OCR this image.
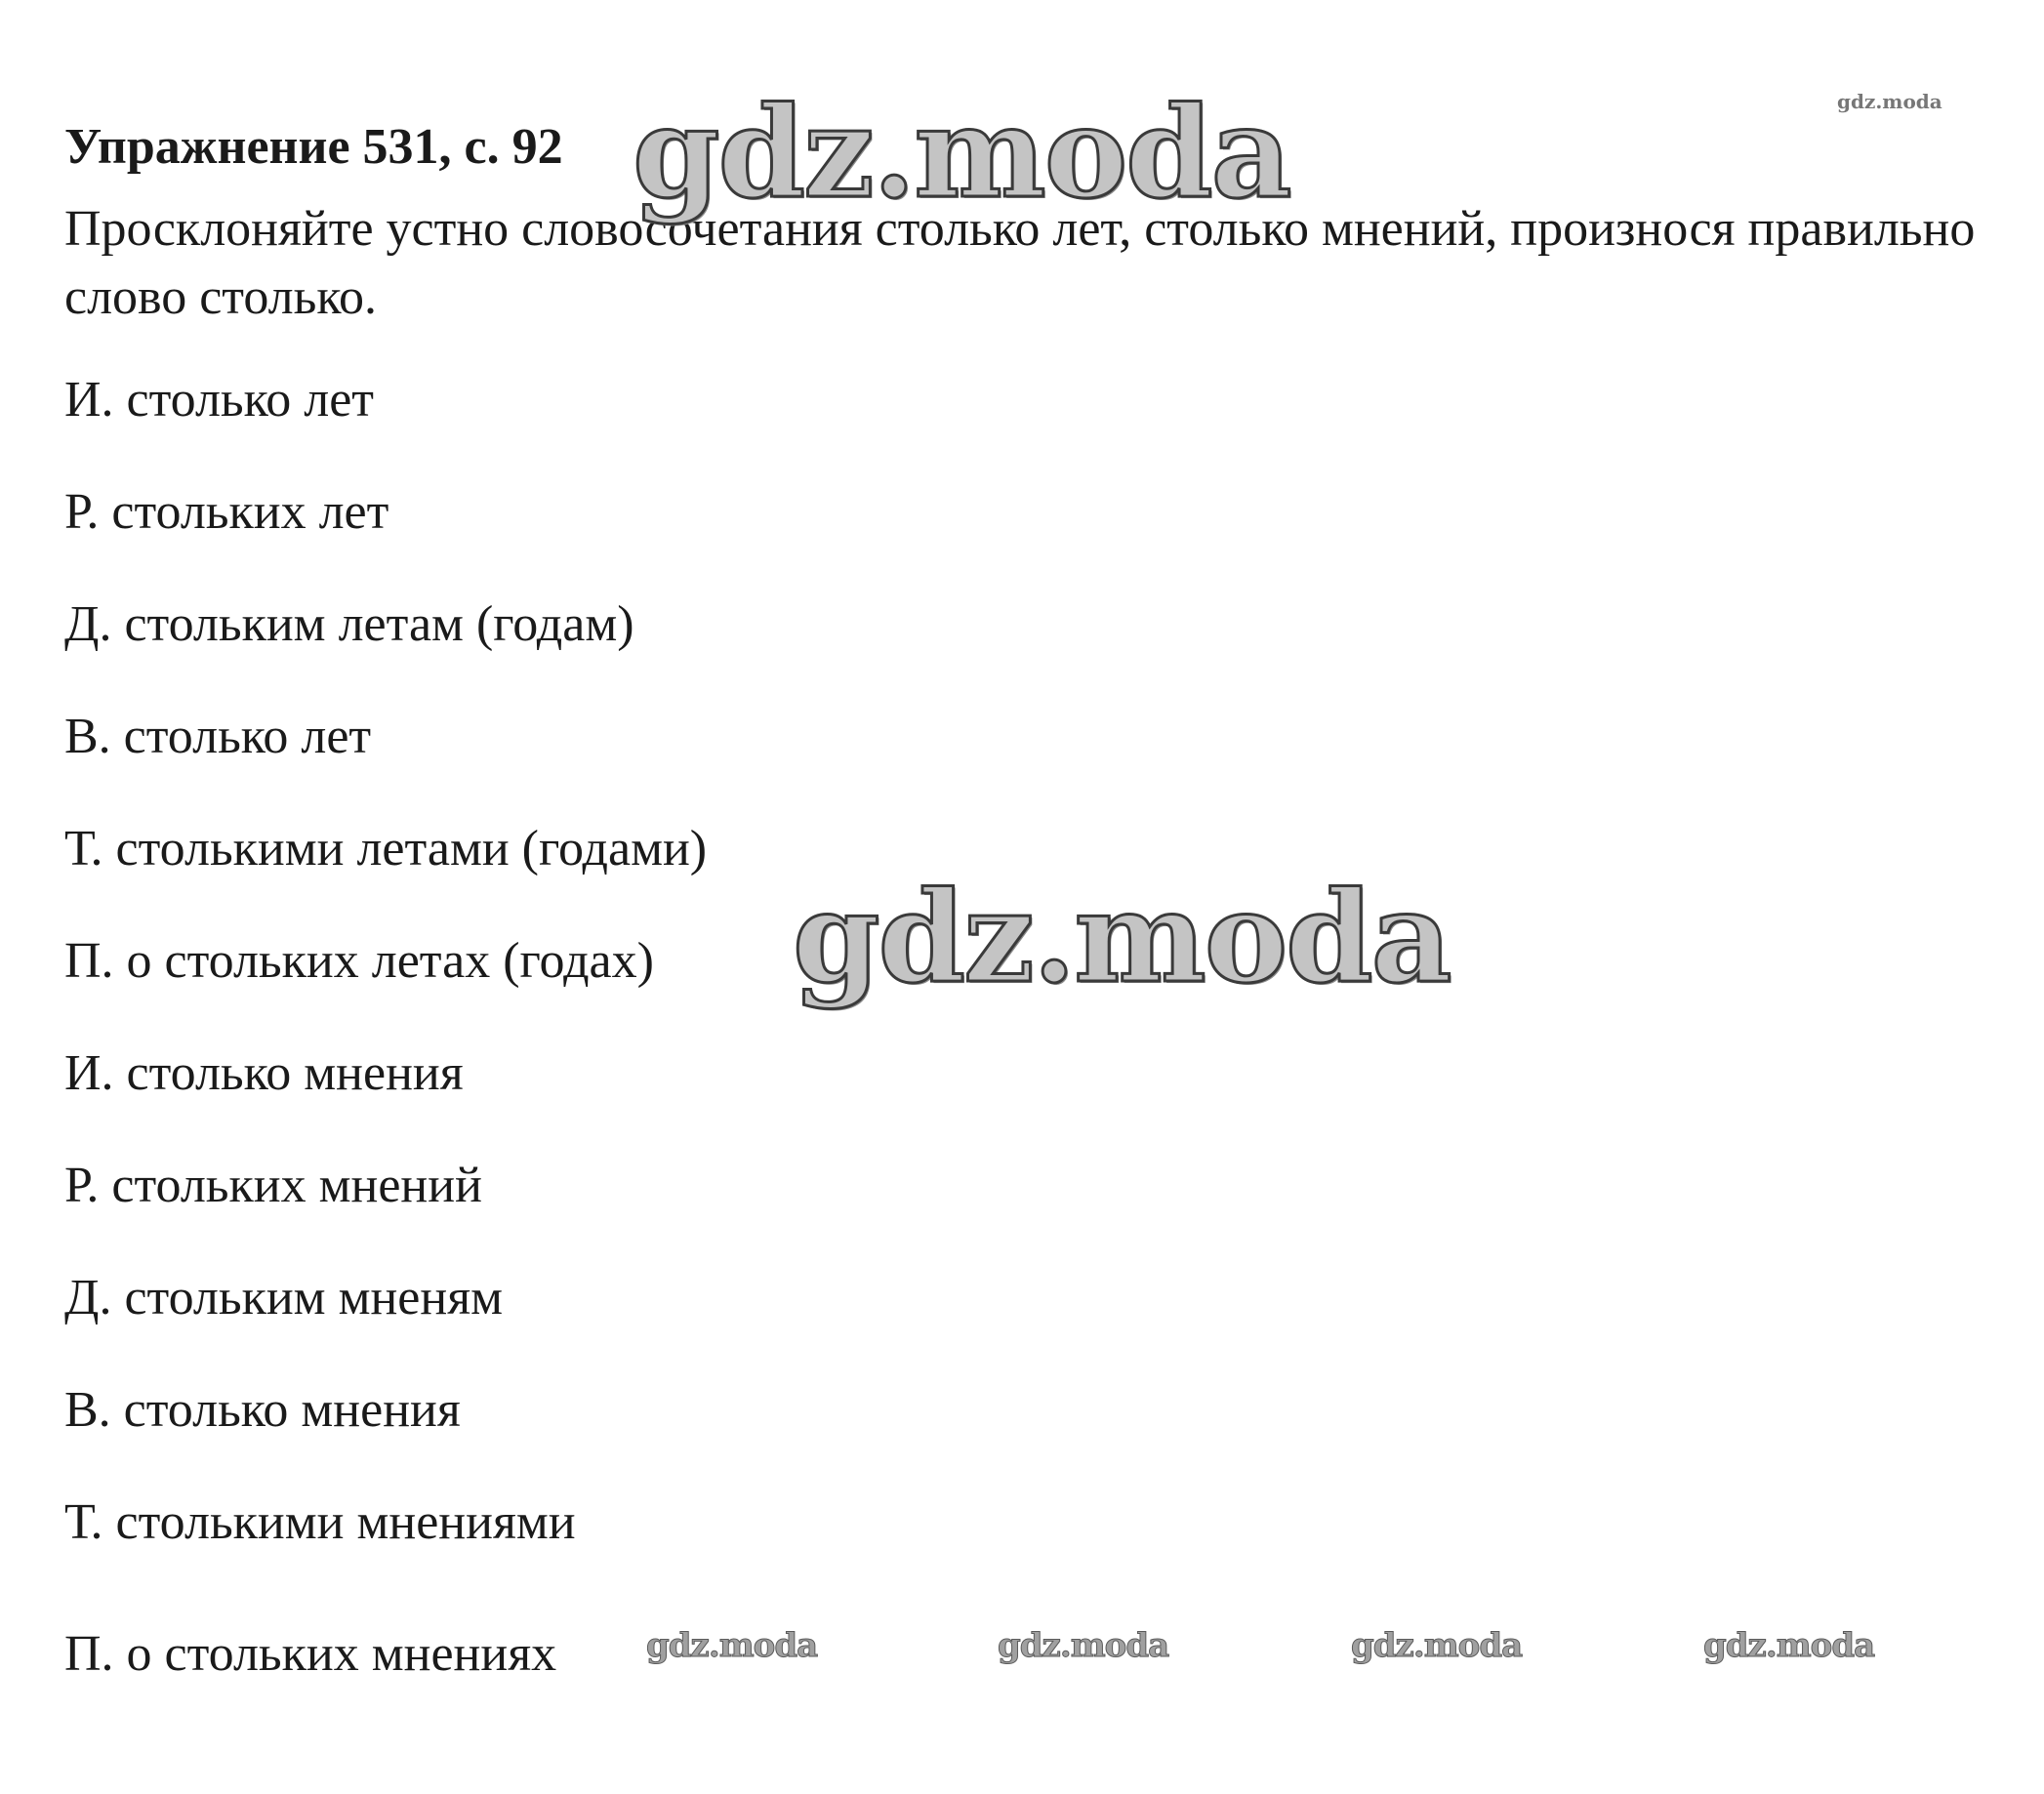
Упражнение 531, с. 92

Просклоняйте устно словосочетания столько лет, столько мнений, произнося правильно слово столько.

И. столько лет
Р. стольких лет
Д. стольким летам (годам)
В. столько лет
Т. столькими летами (годами)
П. о стольких летах (годах)
И. столько мнения
Р. стольких мнений
Д. стольким мненям
В. столько мнения
Т. столькими мнениями
П. о стольких мнениях
gdz.moda
gdz.moda
gdz.moda
gdz.moda	gdz.moda	gdz.moda	gdz.moda
